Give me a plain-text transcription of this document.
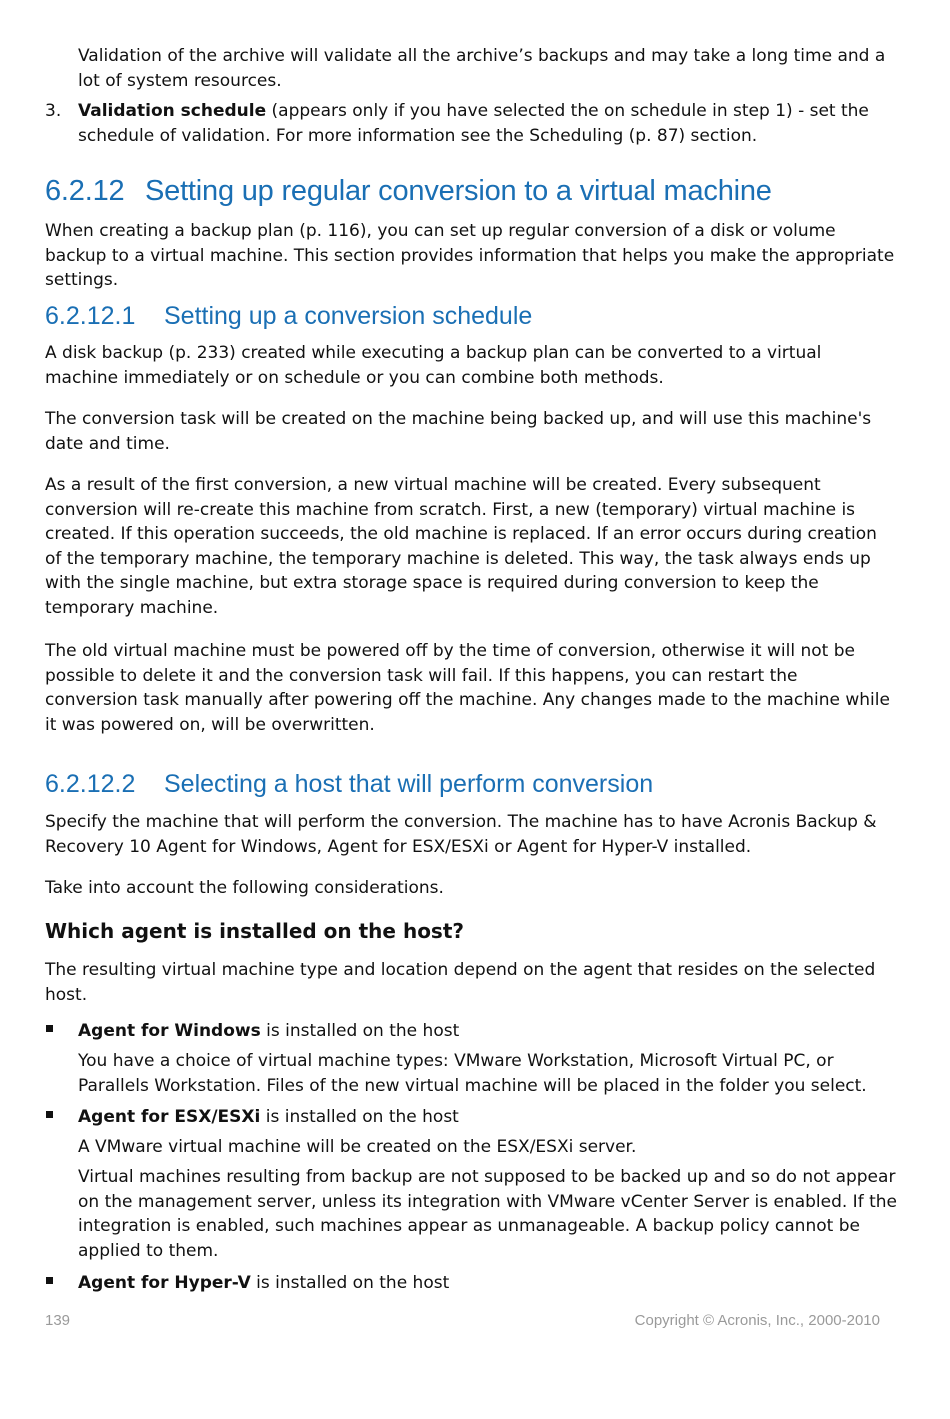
Validation of the archive will validate all the archive’s backups and may take a long time and a lot of system resources.

3. Validation schedule (appears only if you have selected the on schedule in step 1) - set the schedule of validation. For more information see the Scheduling (p. 87) section.

6.2.12 Setting up regular conversion to a virtual machine

When creating a backup plan (p. 116), you can set up regular conversion of a disk or volume backup to a virtual machine. This section provides information that helps you make the appropriate settings.

6.2.12.1 Setting up a conversion schedule

A disk backup (p. 233) created while executing a backup plan can be converted to a virtual machine immediately or on schedule or you can combine both methods.

The conversion task will be created on the machine being backed up, and will use this machine's date and time.

As a result of the first conversion, a new virtual machine will be created. Every subsequent conversion will re-create this machine from scratch. First, a new (temporary) virtual machine is created. If this operation succeeds, the old machine is replaced. If an error occurs during creation of the temporary machine, the temporary machine is deleted. This way, the task always ends up with the single machine, but extra storage space is required during conversion to keep the temporary machine.

The old virtual machine must be powered off by the time of conversion, otherwise it will not be possible to delete it and the conversion task will fail. If this happens, you can restart the conversion task manually after powering off the machine. Any changes made to the machine while it was powered on, will be overwritten.

6.2.12.2 Selecting a host that will perform conversion

Specify the machine that will perform the conversion. The machine has to have Acronis Backup & Recovery 10 Agent for Windows, Agent for ESX/ESXi or Agent for Hyper-V installed.

Take into account the following considerations.

Which agent is installed on the host?

The resulting virtual machine type and location depend on the agent that resides on the selected host.

Agent for Windows is installed on the host

You have a choice of virtual machine types: VMware Workstation, Microsoft Virtual PC, or Parallels Workstation. Files of the new virtual machine will be placed in the folder you select.

Agent for ESX/ESXi is installed on the host

A VMware virtual machine will be created on the ESX/ESXi server.

Virtual machines resulting from backup are not supposed to be backed up and so do not appear on the management server, unless its integration with VMware vCenter Server is enabled. If the integration is enabled, such machines appear as unmanageable. A backup policy cannot be applied to them.

Agent for Hyper-V is installed on the host

139	Copyright © Acronis, Inc., 2000-2010
